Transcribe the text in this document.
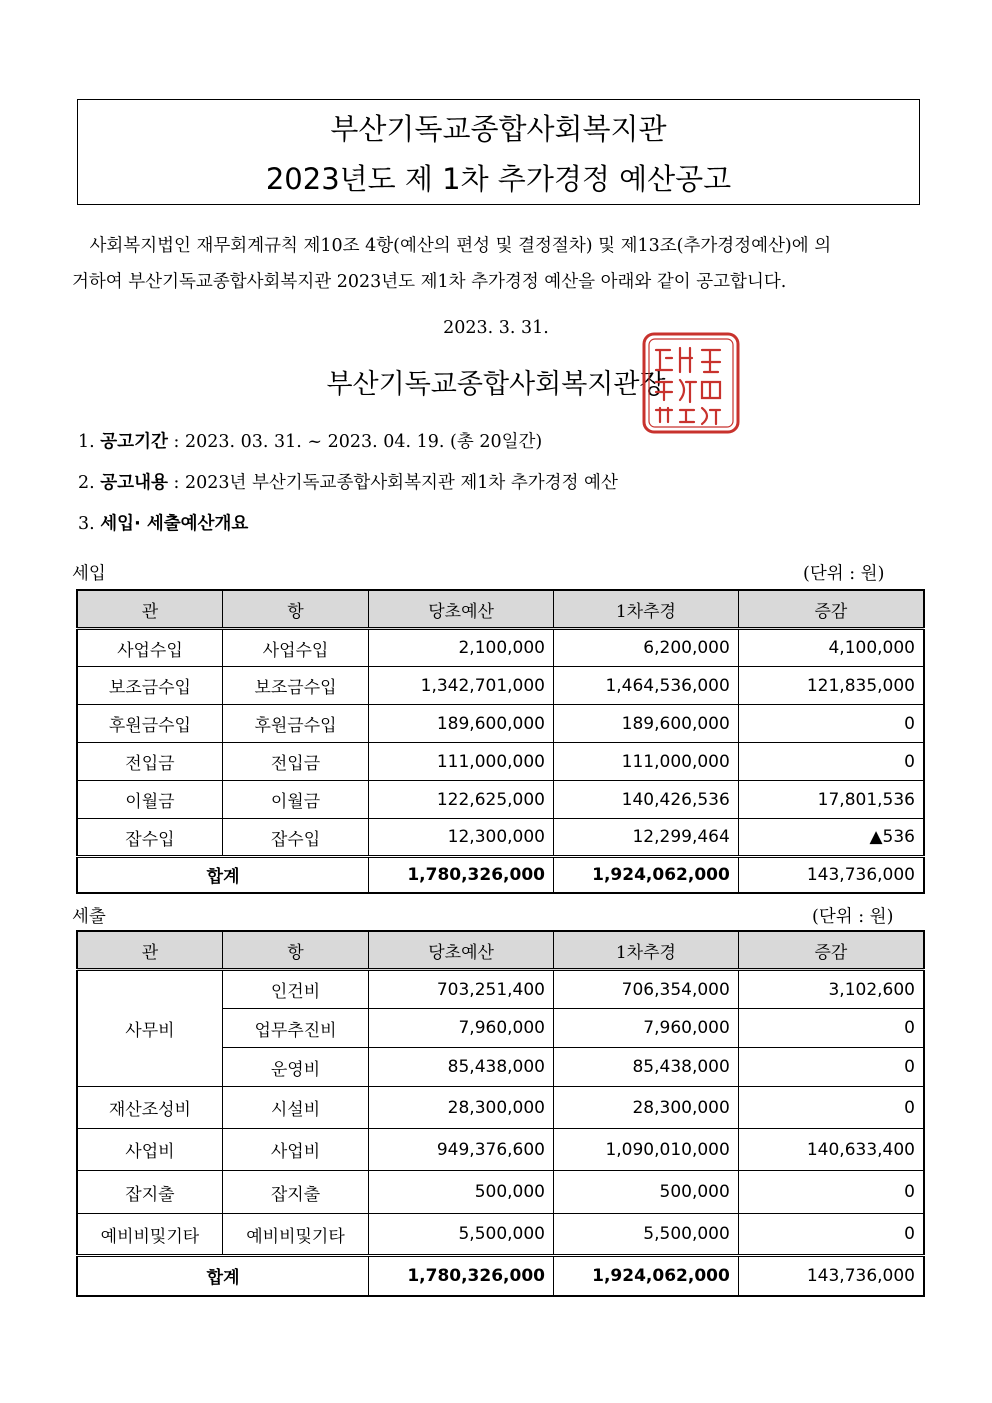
부산기독교종합사회복지관
2023년도 제 1차 추가경정 예산공고

　사회복지법인 재무회계규칙 제10조 4항(예산의 편성 및 결정절차) 및 제13조(추가경정예산)에 의

거하여 부산기독교종합사회복지관 2023년도 제1차 추가경정 예산을 아래와 같이 공고합니다.

2023. 3. 31.
부산기독교종합사회복지관장
1. 공고기간 : 2023. 03. 31. ~ 2023. 04. 19. (총 20일간)
2. 공고내용 : 2023년 부산기독교종합사회복지관 제1차 추가경정 예산
3. 세입· 세출예산개요
세입	(단위 : 원)
관	항	당초예산	1차추경	증감
사업수입	사업수입	2,100,000	6,200,000	4,100,000
보조금수입	보조금수입	1,342,701,000	1,464,536,000	121,835,000
후원금수입	후원금수입	189,600,000	189,600,000	0
전입금	전입금	111,000,000	111,000,000	0
이월금	이월금	122,625,000	140,426,536	17,801,536
잡수입	잡수입	12,300,000	12,299,464	▲536
합계		1,780,326,000	1,924,062,000	143,736,000
세출	(단위 : 원)
관	항	당초예산	1차추경	증감
사무비	인건비	703,251,400	706,354,000	3,102,600
	업무추진비	7,960,000	7,960,000	0
	운영비	85,438,000	85,438,000	0
재산조성비	시설비	28,300,000	28,300,000	0
사업비	사업비	949,376,600	1,090,010,000	140,633,400
잡지출	잡지출	500,000	500,000	0
예비비및기타	예비비및기타	5,500,000	5,500,000	0
합계		1,780,326,000	1,924,062,000	143,736,000
